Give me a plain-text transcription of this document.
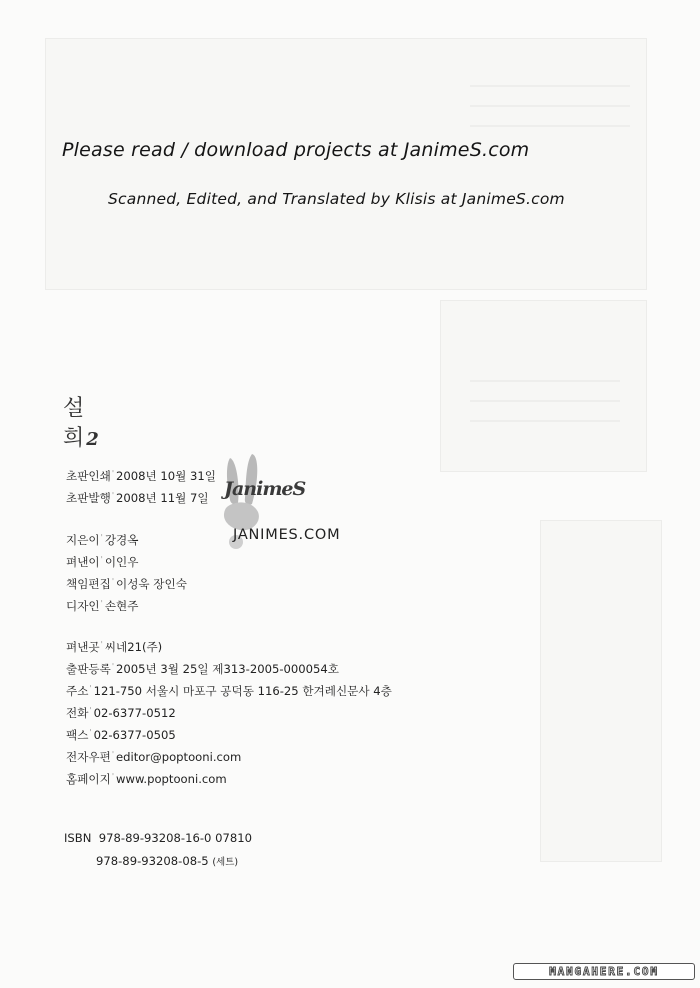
Please read / download projects at JanimeS.com
Scanned, Edited, and Translated by Klisis at JanimeS.com
설
희 2
초판인쇄' 2008년 10월 31일
초판발행' 2008년 11월 7일
지은이' 강경옥
펴낸이' 이인우
책임편집' 이성욱 장인숙
디자인' 손현주
펴낸곳' 씨네21(주)
출판등록' 2005년 3월 25일 제313-2005-000054호
주소' 121-750 서울시 마포구 공덕동 116-25 한겨레신문사 4층
전화' 02-6377-0512
팩스' 02-6377-0505
전자우편' editor@poptooni.com
홈페이지' www.poptooni.com
ISBN 978-89-93208-16-0 07810
978-89-93208-08-5 (세트)
JanimeS
JANIMES.COM
MANGAHERE.COM
